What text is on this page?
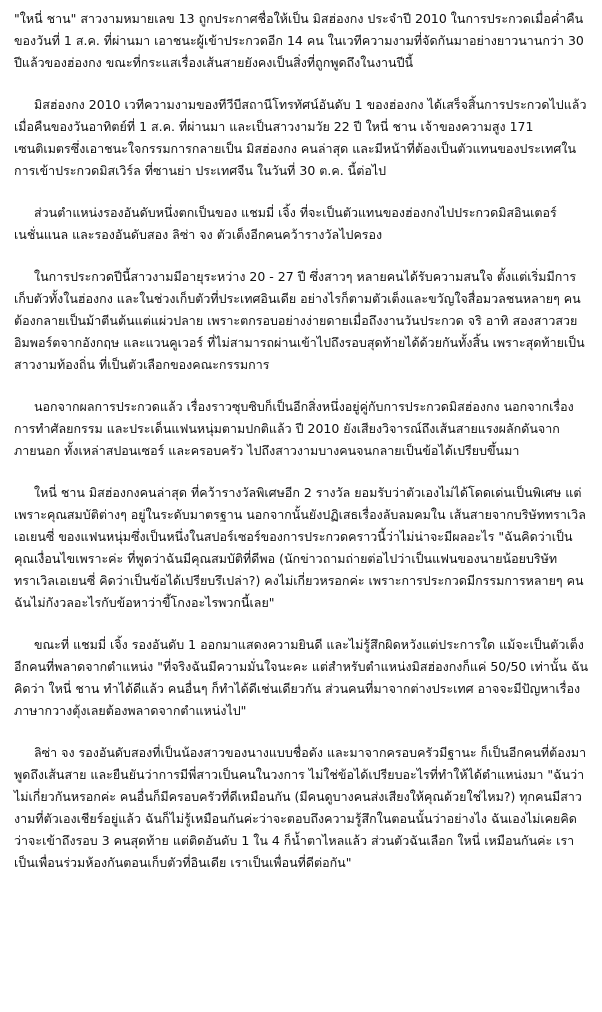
"ใหนี่ ชาน" สาวงามหมายเลข 13 ถูกประกาศชื่อให้เป็น มิสฮ่องกง ประจำปี 2010 ในการประกวดเมื่อค่ำคืนของวันที่ 1 ส.ค. ที่ผ่านมา เอาชนะผู้เข้าประกวดอีก 14 คน ในเวทีความงามที่จัดกันมาอย่างยาวนานกว่า 30 ปีแล้วของฮ่องกง ขณะที่กระแสเรื่องเส้นสายยังคงเป็นสิ่งที่ถูกพูดถึงในงานปีนี้

มิสฮ่องกง 2010 เวทีความงามของทีวีบีสถานีโทรทัศน์อันดับ 1 ของฮ่องกง ได้เสร็จสิ้นการประกวดไปแล้วเมื่อคืนของวันอาทิตย์ที่ 1 ส.ค. ที่ผ่านมา และเป็นสาวงามวัย 22 ปี ใหนี่ ชาน เจ้าของความสูง 171 เซนติเมตรซึ่งเอาชนะใจกรรมการกลายเป็น มิสฮ่องกง คนล่าสุด และมีหน้าที่ต้องเป็นตัวแทนของประเทศในการเข้าประกวดมิสเวิร์ล ที่ซานย่า ประเทศจีน ในวันที่ 30 ต.ค. นี้ต่อไป

ส่วนตำแหน่งรองอันดับหนึ่งตกเป็นของ แชมมี่ เจิ้ง ที่จะเป็นตัวแทนของฮ่องกงไปประกวดมิสอินเตอร์เนชั่นแนล และรองอันดับสอง ลิซ่า จง ตัวเต็งอีกคนคว้ารางวัลไปครอง

ในการประกวดปีนี้สาวงามมีอายุระหว่าง 20 - 27 ปี ซึ่งสาวๆ หลายคนได้รับความสนใจ ตั้งแต่เริ่มมีการเก็บตัวทั้งในฮ่องกง และในช่วงเก็บตัวที่ประเทศอินเดีย อย่างไรก็ตามตัวเต็งและขวัญใจสื่อมวลชนหลายๆ คนต้องกลายเป็นม้าตีนต้นแต่แผ่วปลาย เพราะตกรอบอย่างง่ายดายเมื่อถึงงานวันประกวด จริ อาทิ สองสาวสวยอิมพอร์ตจากอังกฤษ และแวนคูเวอร์ ที่ไม่สามารถผ่านเข้าไปถึงรอบสุดท้ายได้ด้วยกันทั้งสิ้น เพราะสุดท้ายเป็นสาวงามท้องถิ่น ที่เป็นตัวเลือกของคณะกรรมการ

นอกจากผลการประกวดแล้ว เรื่องราวซุบซิบก็เป็นอีกสิ่งหนึ่งอยู่คู่กับการประกวดมิสฮ่องกง นอกจากเรื่องการทำศัลยกรรม และประเด็นแฟนหนุ่มตามปกติแล้ว ปี 2010 ยังเสียงวิจารณ์ถึงเส้นสายแรงผลักดันจากภายนอก ทั้งเหล่าสปอนเซอร์ และครอบครัว ไปถึงสาวงามบางคนจนกลายเป็นข้อได้เปรียบขึ้นมา

ใหนี่ ชาน มิสฮ่องกงคนล่าสุด ที่คว้ารางวัลพิเศษอีก 2 รางวัล ยอมรับว่าตัวเองไม่ได้โดดเด่นเป็นพิเศษ แต่เพราะคุณสมบัติต่างๆ อยู่ในระดับมาตรฐาน นอกจากนั้นยังปฏิเสธเรื่องลับลมคมใน เส้นสายจากบริษัททราเวิลเอเยนซี่ ของแฟนหนุ่มซึ่งเป็นหนึ่งในสปอร์เซอร์ของการประกวดคราวนี้ว่าไม่น่าจะมีผลอะไร "ฉันคิดว่าเป็นคุณเงื่อนไขเพราะค่ะ ที่พูดว่าฉันมีคุณสมบัติที่ดีพอ (นักข่าวถามถ่ายต่อไปว่าเป็นแฟนของนายน้อยบริษัท ทราเวิลเอเยนซี่ คิดว่าเป็นข้อได้เปรียบรึเปล่า?) คงไม่เกี่ยวหรอกค่ะ เพราะการประกวดมีกรรมการหลายๆ คน ฉันไม่กังวลอะไรกับข้อหาว่าขี้โกงอะไรพวกนี้เลย"

ขณะที่ แชมมี่ เจิ้ง รองอันดับ 1 ออกมาแสดงความยินดี และไม่รู้สึกผิดหวังแต่ประการใด แม้จะเป็นตัวเต็งอีกคนที่พลาดจากตำแหน่ง "ที่จริงฉันมีความมั่นใจนะคะ แต่สำหรับตำแหน่งมิสฮ่องกงก็แค่ 50/50 เท่านั้น ฉันคิดว่า ใหนี่ ชาน ทำได้ดีแล้ว คนอื่นๆ ก็ทำได้ดีเช่นเดียวกัน ส่วนคนที่มาจากต่างประเทศ อาจจะมีปัญหาเรื่องภาษากวางตุ้งเลยต้องพลาดจากตำแหน่งไป"

ลิซ่า จง รองอันดับสองที่เป็นน้องสาวของนางแบบชื่อดัง และมาจากครอบครัวมีฐานะ ก็เป็นอีกคนที่ต้องมาพูดถึงเส้นสาย และยืนยันว่าการมีพี่สาวเป็นคนในวงการ ไม่ใช่ข้อได้เปรียบอะไรที่ทำให้ได้ตำแหน่งมา "ฉันว่าไม่เกี่ยวกันหรอกค่ะ คนอื่นก็มีครอบครัวที่ดีเหมือนกัน (มีคนดูบางคนส่งเสียงให้คุณด้วยใช่ไหม?) ทุกคนมีสาวงามที่ตัวเองเชียร์อยู่แล้ว ฉันก็ไม่รู้เหมือนกันค่ะว่าจะตอบถึงความรู้สึกในตอนนั้นว่าอย่างไง ฉันเองไม่เคยคิดว่าจะเข้าถึงรอบ 3 คนสุดท้าย แต่ติดอันดับ 1 ใน 4 ก็น้ำตาไหลแล้ว ส่วนตัวฉันเลือก ใหนี่ เหมือนกันค่ะ เราเป็นเพื่อนร่วมห้องกันตอนเก็บตัวที่อินเดีย เราเป็นเพื่อนที่ดีต่อกัน"
